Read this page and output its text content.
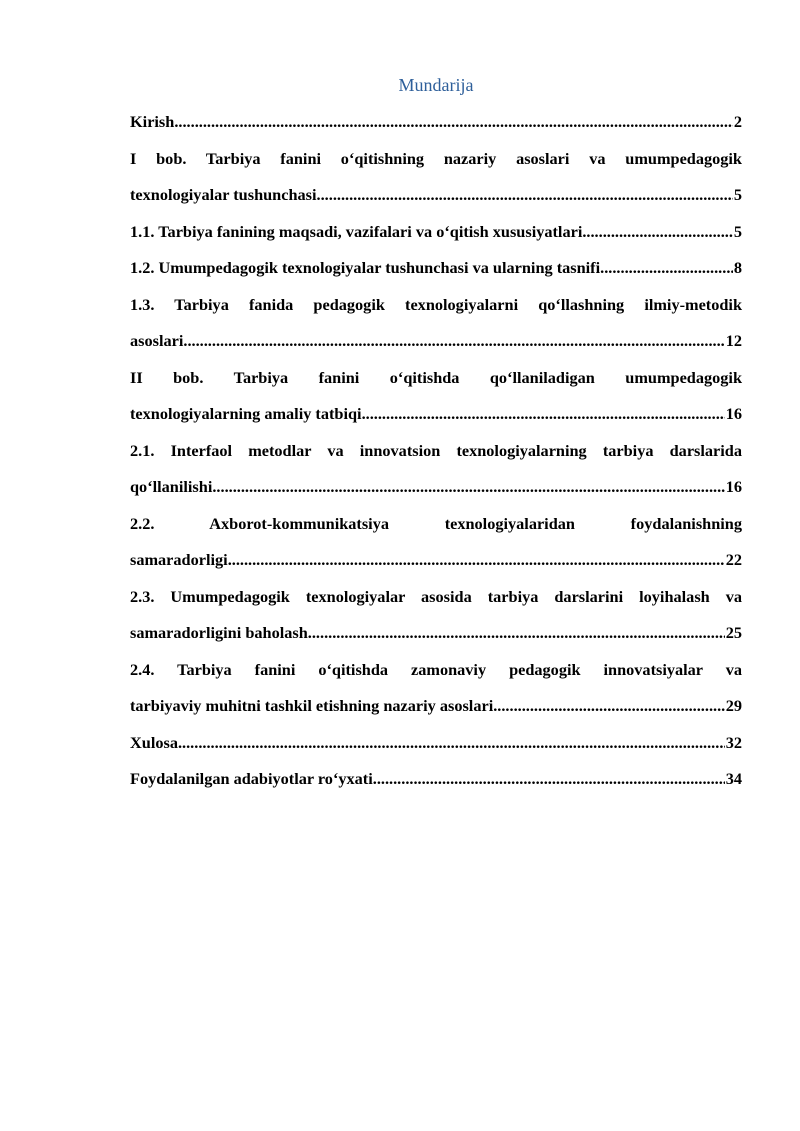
Mundarija
Kirish .....	2
I bob. Tarbiya fanini o‘qitishning nazariy asoslari va umumpedagogik
texnologiyalar tushunchasi .....	5
1.1. Tarbiya fanining maqsadi, vazifalari va o‘qitish xususiyatlari .....	5
1.2. Umumpedagogik texnologiyalar tushunchasi va ularning tasnifi .....	8
1.3. Tarbiya fanida pedagogik texnologiyalarni qo‘llashning ilmiy-metodik
asoslari .....	12
II bob. Tarbiya fanini o‘qitishda qo‘llaniladigan umumpedagogik
texnologiyalarning amaliy tatbiqi .....	16
2.1. Interfaol metodlar va innovatsion texnologiyalarning tarbiya darslarida
qo‘llanilishi .....	16
2.2. Axborot-kommunikatsiya texnologiyalaridan foydalanishning
samaradorligi .....	22
2.3. Umumpedagogik texnologiyalar asosida tarbiya darslarini loyihalash va
samaradorligini baholash .....	25
2.4. Tarbiya fanini o‘qitishda zamonaviy pedagogik innovatsiyalar va
tarbiyaviy muhitni tashkil etishning nazariy asoslari .....	29
Xulosa .....	32
Foydalanilgan adabiyotlar ro‘yxati .....	34
